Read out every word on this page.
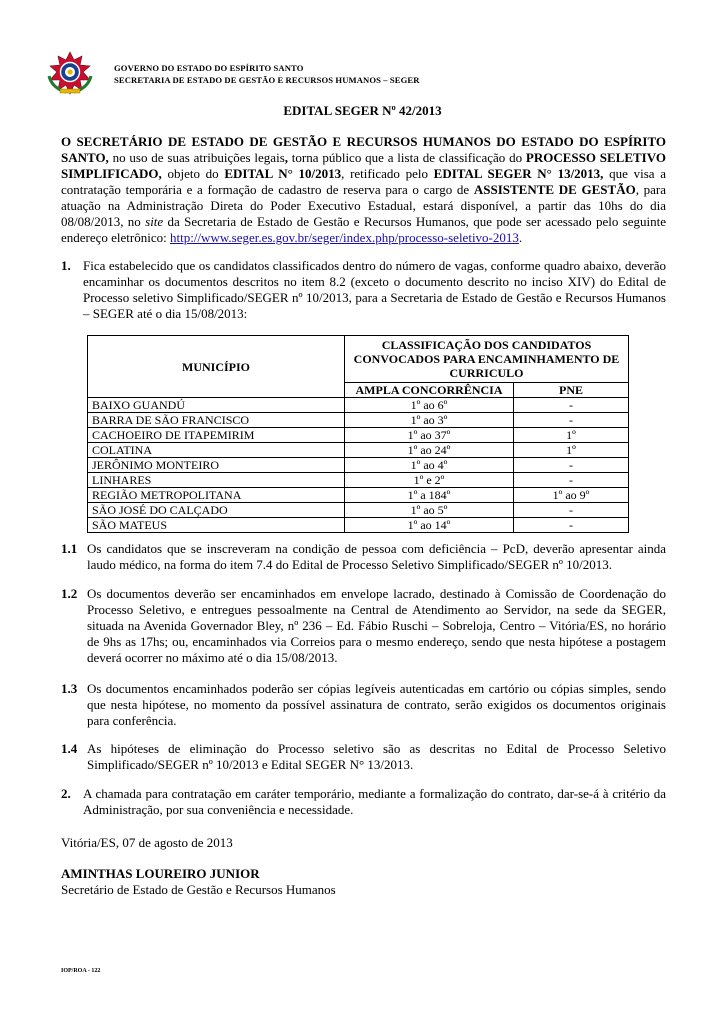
GOVERNO DO ESTADO DO ESPÍRITO SANTO
SECRETARIA DE ESTADO DE GESTÃO E RECURSOS HUMANOS – SEGER
EDITAL SEGER Nº 42/2013
O SECRETÁRIO DE ESTADO DE GESTÃO E RECURSOS HUMANOS DO ESTADO DO ESPÍRITO SANTO, no uso de suas atribuições legais, torna público que a lista de classificação do PROCESSO SELETIVO SIMPLIFICADO, objeto do EDITAL N° 10/2013, retificado pelo EDITAL SEGER N° 13/2013, que visa a contratação temporária e a formação de cadastro de reserva para o cargo de ASSISTENTE DE GESTÃO, para atuação na Administração Direta do Poder Executivo Estadual, estará disponível, a partir das 10hs do dia 08/08/2013, no site da Secretaria de Estado de Gestão e Recursos Humanos, que pode ser acessado pelo seguinte endereço eletrônico: http://www.seger.es.gov.br/seger/index.php/processo-seletivo-2013.
1. Fica estabelecido que os candidatos classificados dentro do número de vagas, conforme quadro abaixo, deverão encaminhar os documentos descritos no item 8.2 (exceto o documento descrito no inciso XIV) do Edital de Processo seletivo Simplificado/SEGER nº 10/2013, para a Secretaria de Estado de Gestão e Recursos Humanos – SEGER até o dia 15/08/2013:
MUNICÍPIO	CLASSIFICAÇÃO DOS CANDIDATOS CONVOCADOS PARA ENCAMINHAMENTO DE CURRICULO	
	AMPLA CONCORRÊNCIA	PNE
BAIXO GUANDÚ	1º ao 6º	-
BARRA DE SÃO FRANCISCO	1º ao 3º	-
CACHOEIRO DE ITAPEMIRIM	1º ao 37º	1º
COLATINA	1º ao 24º	1º
JERÔNIMO MONTEIRO	1º ao 4º	-
LINHARES	1º e 2º	-
REGIÃO METROPOLITANA	1º a 184º	1º ao 9º
SÃO JOSÉ DO CALÇADO	1º ao 5º	-
SÃO MATEUS	1º ao 14º	-
1.1 Os candidatos que se inscreveram na condição de pessoa com deficiência – PcD, deverão apresentar ainda laudo médico, na forma do item 7.4 do Edital de Processo Seletivo Simplificado/SEGER nº 10/2013.
1.2 Os documentos deverão ser encaminhados em envelope lacrado, destinado à Comissão de Coordenação do Processo Seletivo, e entregues pessoalmente na Central de Atendimento ao Servidor, na sede da SEGER, situada na Avenida Governador Bley, nº 236 – Ed. Fábio Ruschi – Sobreloja, Centro – Vitória/ES, no horário de 9hs as 17hs; ou, encaminhados via Correios para o mesmo endereço, sendo que nesta hipótese a postagem deverá ocorrer no máximo até o dia 15/08/2013.
1.3 Os documentos encaminhados poderão ser cópias legíveis autenticadas em cartório ou cópias simples, sendo que nesta hipótese, no momento da possível assinatura de contrato, serão exigidos os documentos originais para conferência.
1.4 As hipóteses de eliminação do Processo seletivo são as descritas no Edital de Processo Seletivo Simplificado/SEGER nº 10/2013 e Edital SEGER N° 13/2013.
2. A chamada para contratação em caráter temporário, mediante a formalização do contrato, dar-se-á à critério da Administração, por sua conveniência e necessidade.
Vitória/ES, 07 de agosto de 2013
AMINTHAS LOUREIRO JUNIOR
Secretário de Estado de Gestão e Recursos Humanos
IOP/ROA - 122
